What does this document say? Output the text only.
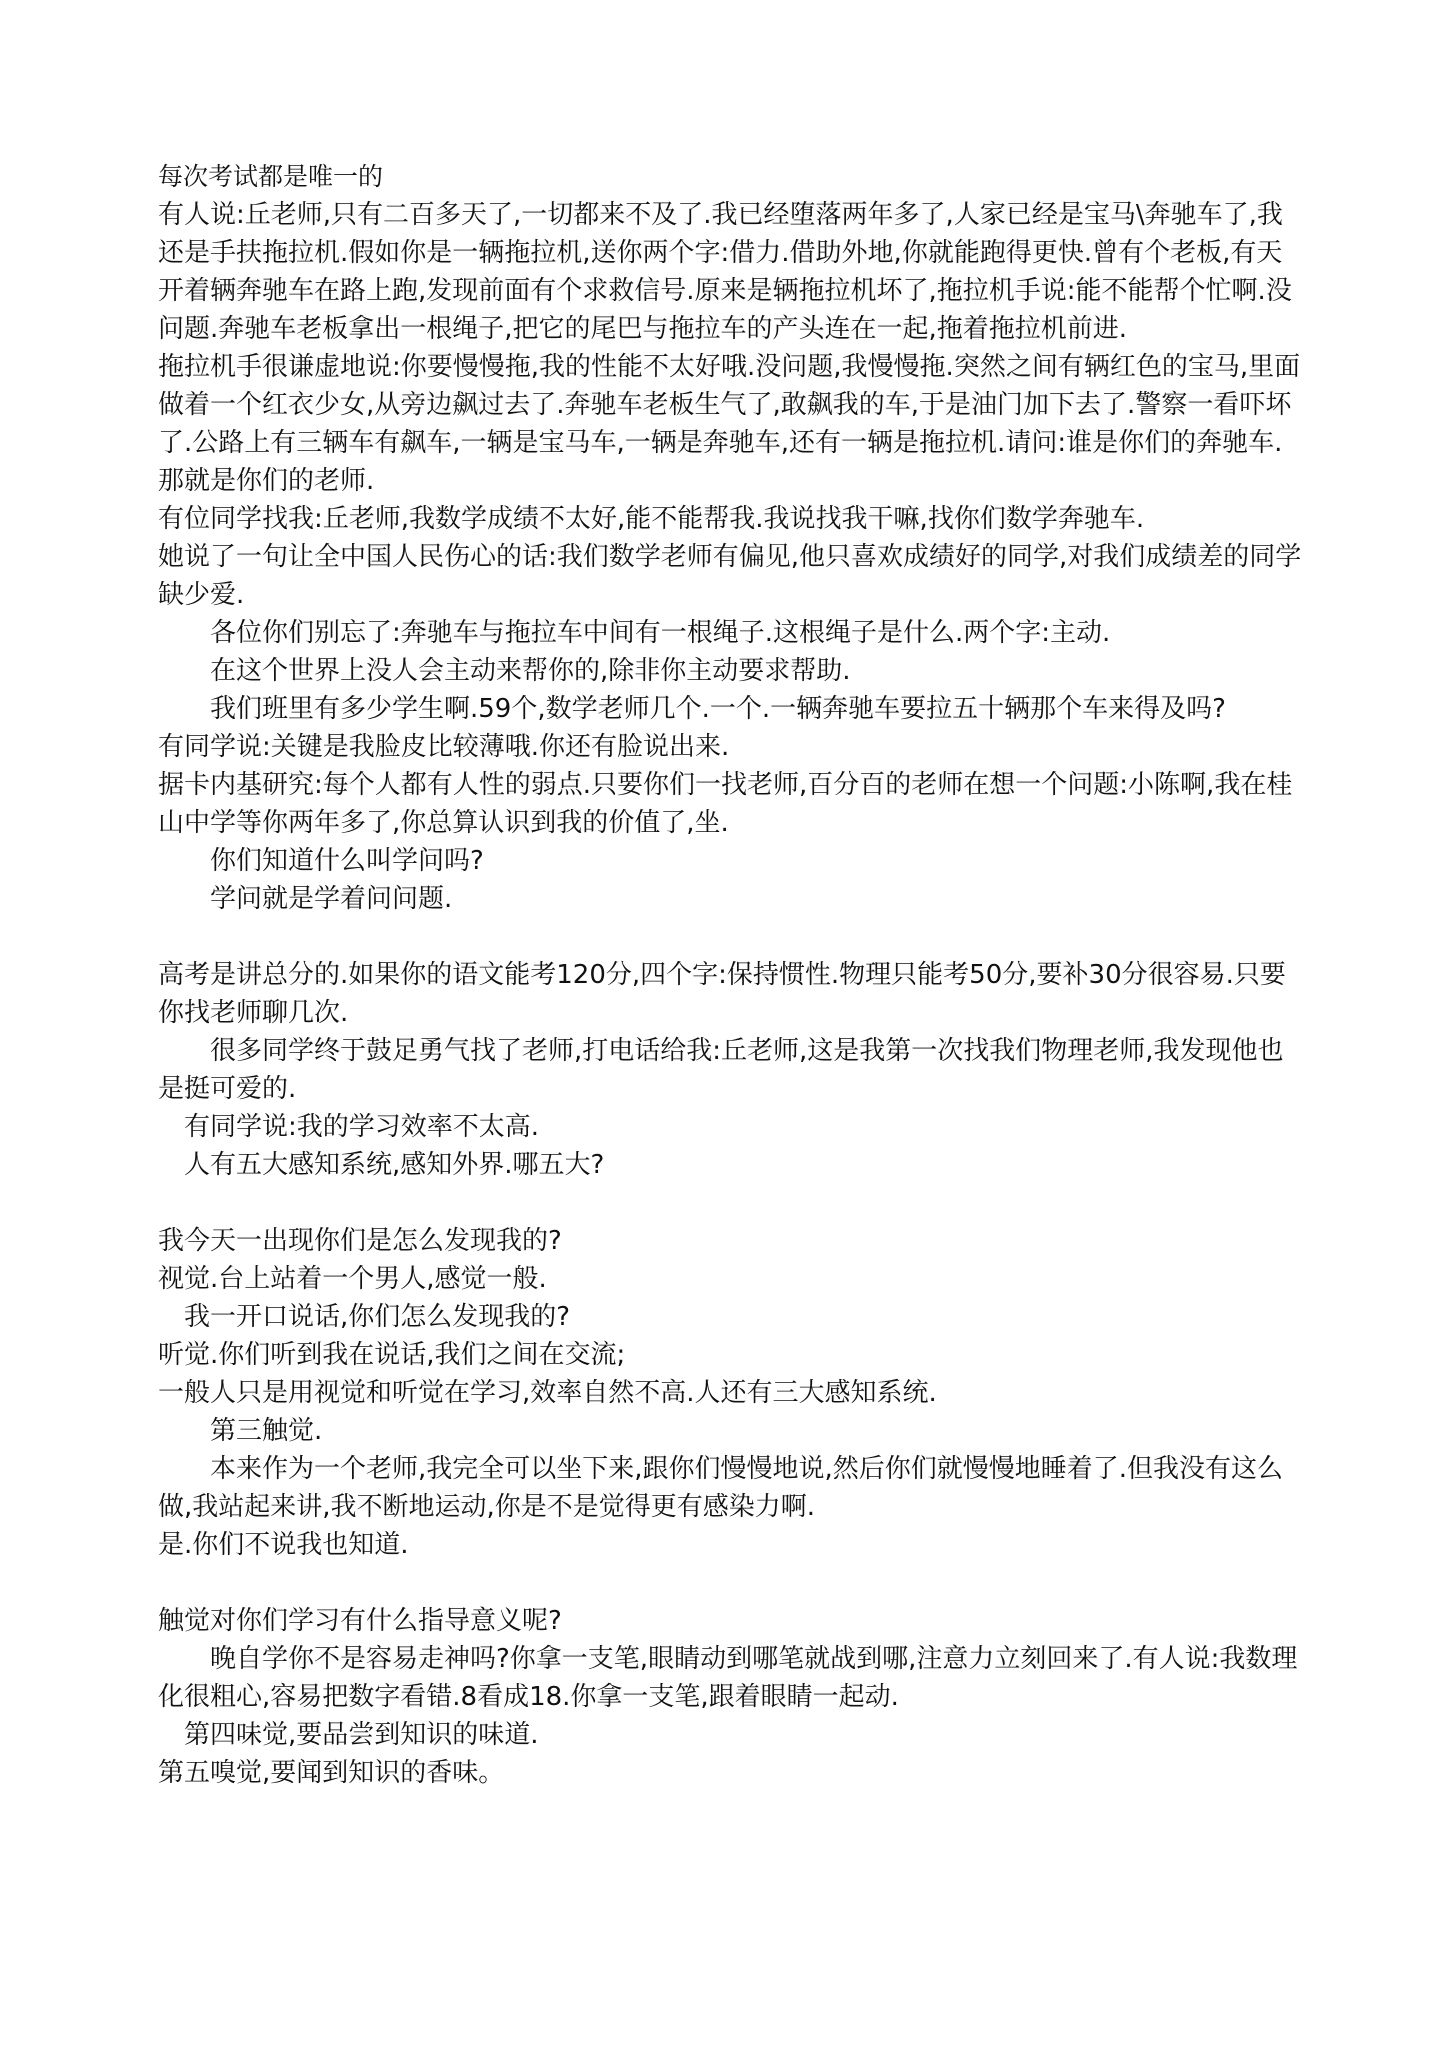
每次考试都是唯一的

有人说:丘老师,只有二百多天了,一切都来不及了.我已经堕落两年多了,人家已经是宝马\奔驰车了,我还是手扶拖拉机.假如你是一辆拖拉机,送你两个字:借力.借助外地,你就能跑得更快.曾有个老板,有天开着辆奔驰车在路上跑,发现前面有个求救信号.原来是辆拖拉机坏了,拖拉机手说:能不能帮个忙啊.没问题.奔驰车老板拿出一根绳子,把它的尾巴与拖拉车的产头连在一起,拖着拖拉机前进.

拖拉机手很谦虚地说:你要慢慢拖,我的性能不太好哦.没问题,我慢慢拖.突然之间有辆红色的宝马,里面做着一个红衣少女,从旁边飙过去了.奔驰车老板生气了,敢飙我的车,于是油门加下去了.警察一看吓坏了.公路上有三辆车有飙车,一辆是宝马车,一辆是奔驰车,还有一辆是拖拉机.请问:谁是你们的奔驰车.那就是你们的老师.

有位同学找我:丘老师,我数学成绩不太好,能不能帮我.我说找我干嘛,找你们数学奔驰车.

她说了一句让全中国人民伤心的话:我们数学老师有偏见,他只喜欢成绩好的同学,对我们成绩差的同学缺少爱.

各位你们别忘了:奔驰车与拖拉车中间有一根绳子.这根绳子是什么.两个字:主动.

在这个世界上没人会主动来帮你的,除非你主动要求帮助.

我们班里有多少学生啊.59个,数学老师几个.一个.一辆奔驰车要拉五十辆那个车来得及吗?

有同学说:关键是我脸皮比较薄哦.你还有脸说出来.

据卡内基研究:每个人都有人性的弱点.只要你们一找老师,百分百的老师在想一个问题:小陈啊,我在桂山中学等你两年多了,你总算认识到我的价值了,坐.

你们知道什么叫学问吗?

学问就是学着问问题.

高考是讲总分的.如果你的语文能考120分,四个字:保持惯性.物理只能考50分,要补30分很容易.只要你找老师聊几次.

很多同学终于鼓足勇气找了老师,打电话给我:丘老师,这是我第一次找我们物理老师,我发现他也是挺可爱的.

有同学说:我的学习效率不太高.

人有五大感知系统,感知外界.哪五大?

我今天一出现你们是怎么发现我的?

视觉.台上站着一个男人,感觉一般.

我一开口说话,你们怎么发现我的?

听觉.你们听到我在说话,我们之间在交流;

一般人只是用视觉和听觉在学习,效率自然不高.人还有三大感知系统.

第三触觉.

本来作为一个老师,我完全可以坐下来,跟你们慢慢地说,然后你们就慢慢地睡着了.但我没有这么做,我站起来讲,我不断地运动,你是不是觉得更有感染力啊.

是.你们不说我也知道.

触觉对你们学习有什么指导意义呢?

晚自学你不是容易走神吗?你拿一支笔,眼睛动到哪笔就战到哪,注意力立刻回来了.有人说:我数理化很粗心,容易把数字看错.8看成18.你拿一支笔,跟着眼睛一起动.

第四味觉,要品尝到知识的味道.

第五嗅觉,要闻到知识的香味。
